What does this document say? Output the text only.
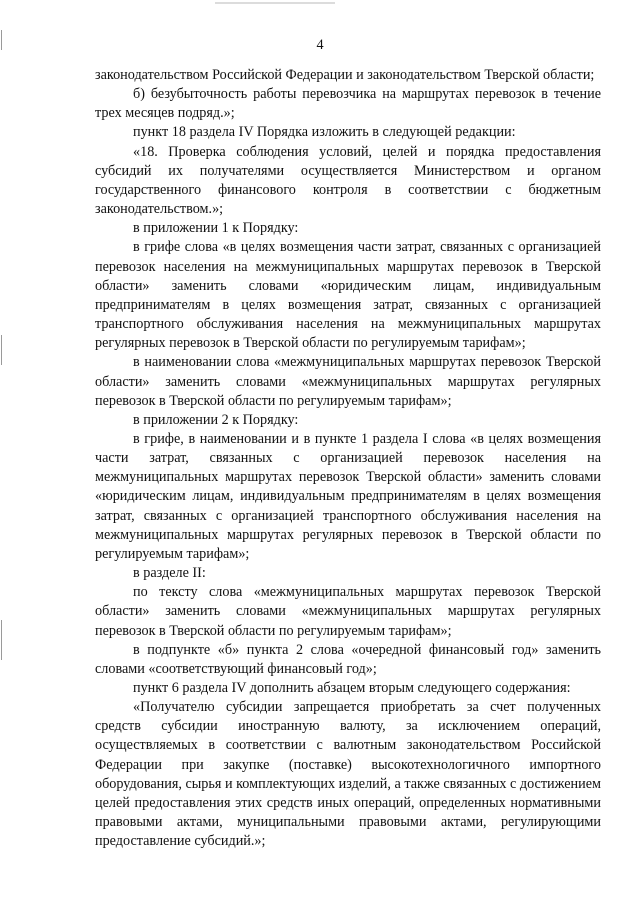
4

законодательством Российской Федерации и законодательством Тверской области;

б) безубыточность работы перевозчика на маршрутах перевозок в течение трех месяцев подряд.»;

пункт 18 раздела IV Порядка изложить в следующей редакции:

«18. Проверка соблюдения условий, целей и порядка предоставления субсидий их получателями осуществляется Министерством и органом государственного финансового контроля в соответствии с бюджетным законодательством.»;

в приложении 1 к Порядку:

в грифе слова «в целях возмещения части затрат, связанных с организацией перевозок населения на межмуниципальных маршрутах перевозок в Тверской области» заменить словами «юридическим лицам, индивидуальным предпринимателям в целях возмещения затрат, связанных с организацией транспортного обслуживания населения на межмуниципальных маршрутах регулярных перевозок в Тверской области по регулируемым тарифам»;

в наименовании слова «межмуниципальных маршрутах перевозок Тверской области» заменить словами «межмуниципальных маршрутах регулярных перевозок в Тверской области по регулируемым тарифам»;

в приложении 2 к Порядку:

в грифе, в наименовании и в пункте 1 раздела I слова «в целях возмещения части затрат, связанных с организацией перевозок населения на межмуниципальных маршрутах перевозок Тверской области» заменить словами «юридическим лицам, индивидуальным предпринимателям в целях возмещения затрат, связанных с организацией транспортного обслуживания населения на межмуниципальных маршрутах регулярных перевозок в Тверской области по регулируемым тарифам»;

в разделе II:

по тексту слова «межмуниципальных маршрутах перевозок Тверской области» заменить словами «межмуниципальных маршрутах регулярных перевозок в Тверской области по регулируемым тарифам»;

в подпункте «б» пункта 2 слова «очередной финансовый год» заменить словами «соответствующий финансовый год»;

пункт 6 раздела IV дополнить абзацем вторым следующего содержания:

«Получателю субсидии запрещается приобретать за счет полученных средств субсидии иностранную валюту, за исключением операций, осуществляемых в соответствии с валютным законодательством Российской Федерации при закупке (поставке) высокотехнологичного импортного оборудования, сырья и комплектующих изделий, а также связанных с достижением целей предоставления этих средств иных операций, определенных нормативными правовыми актами, муниципальными правовыми актами, регулирующими предоставление субсидий.»;
